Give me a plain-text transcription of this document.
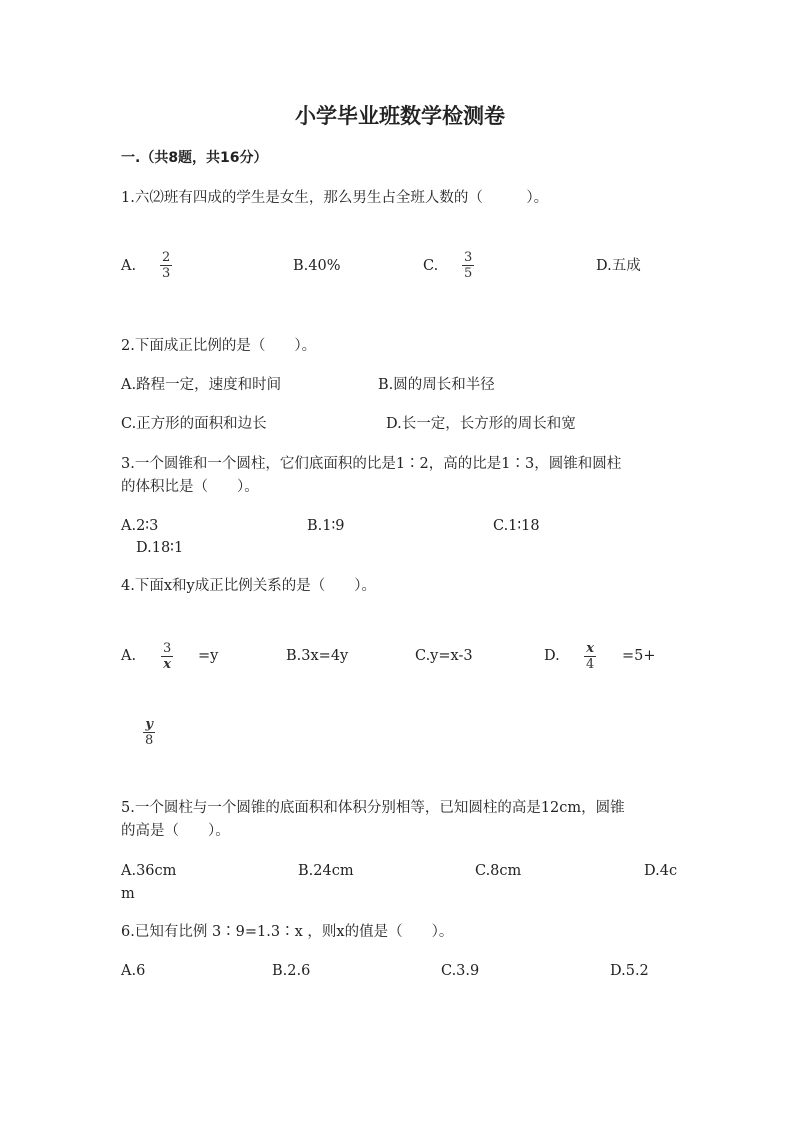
小学毕业班数学检测卷
一.（共8题，共16分）
1.六⑵班有四成的学生是女生，那么男生占全班人数的（　　　）。
A. $\frac{2}{3}$	B.40%	C. $\frac{3}{5}$	D.五成
2.下面成正比例的是（　　）。
A.路程一定，速度和时间	B.圆的周长和半径
C.正方形的面积和边长	D.长一定，长方形的周长和宽
3.一个圆锥和一个圆柱，它们底面积的比是1∶2，高的比是1∶3，圆锥和圆柱
的体积比是（　　）。
A.2∶3	B.1∶9	C.1∶18
D.18∶1
4.下面x和y成正比例关系的是（　　）。
A. $\frac{3}{x} =y$	B.3x=4y	C.y=x-3	D. $\frac{x}{4} =5+$
$\frac{y}{8}$
5.一个圆柱与一个圆锥的底面积和体积分别相等，已知圆柱的高是12cm，圆锥
的高是（　　）。
A.36cm	B.24cm	C.8cm	D.4c
m
6.已知有比例 3∶9=1.3∶x ，则x的值是（　　）。
A.6	B.2.6	C.3.9	D.5.2
